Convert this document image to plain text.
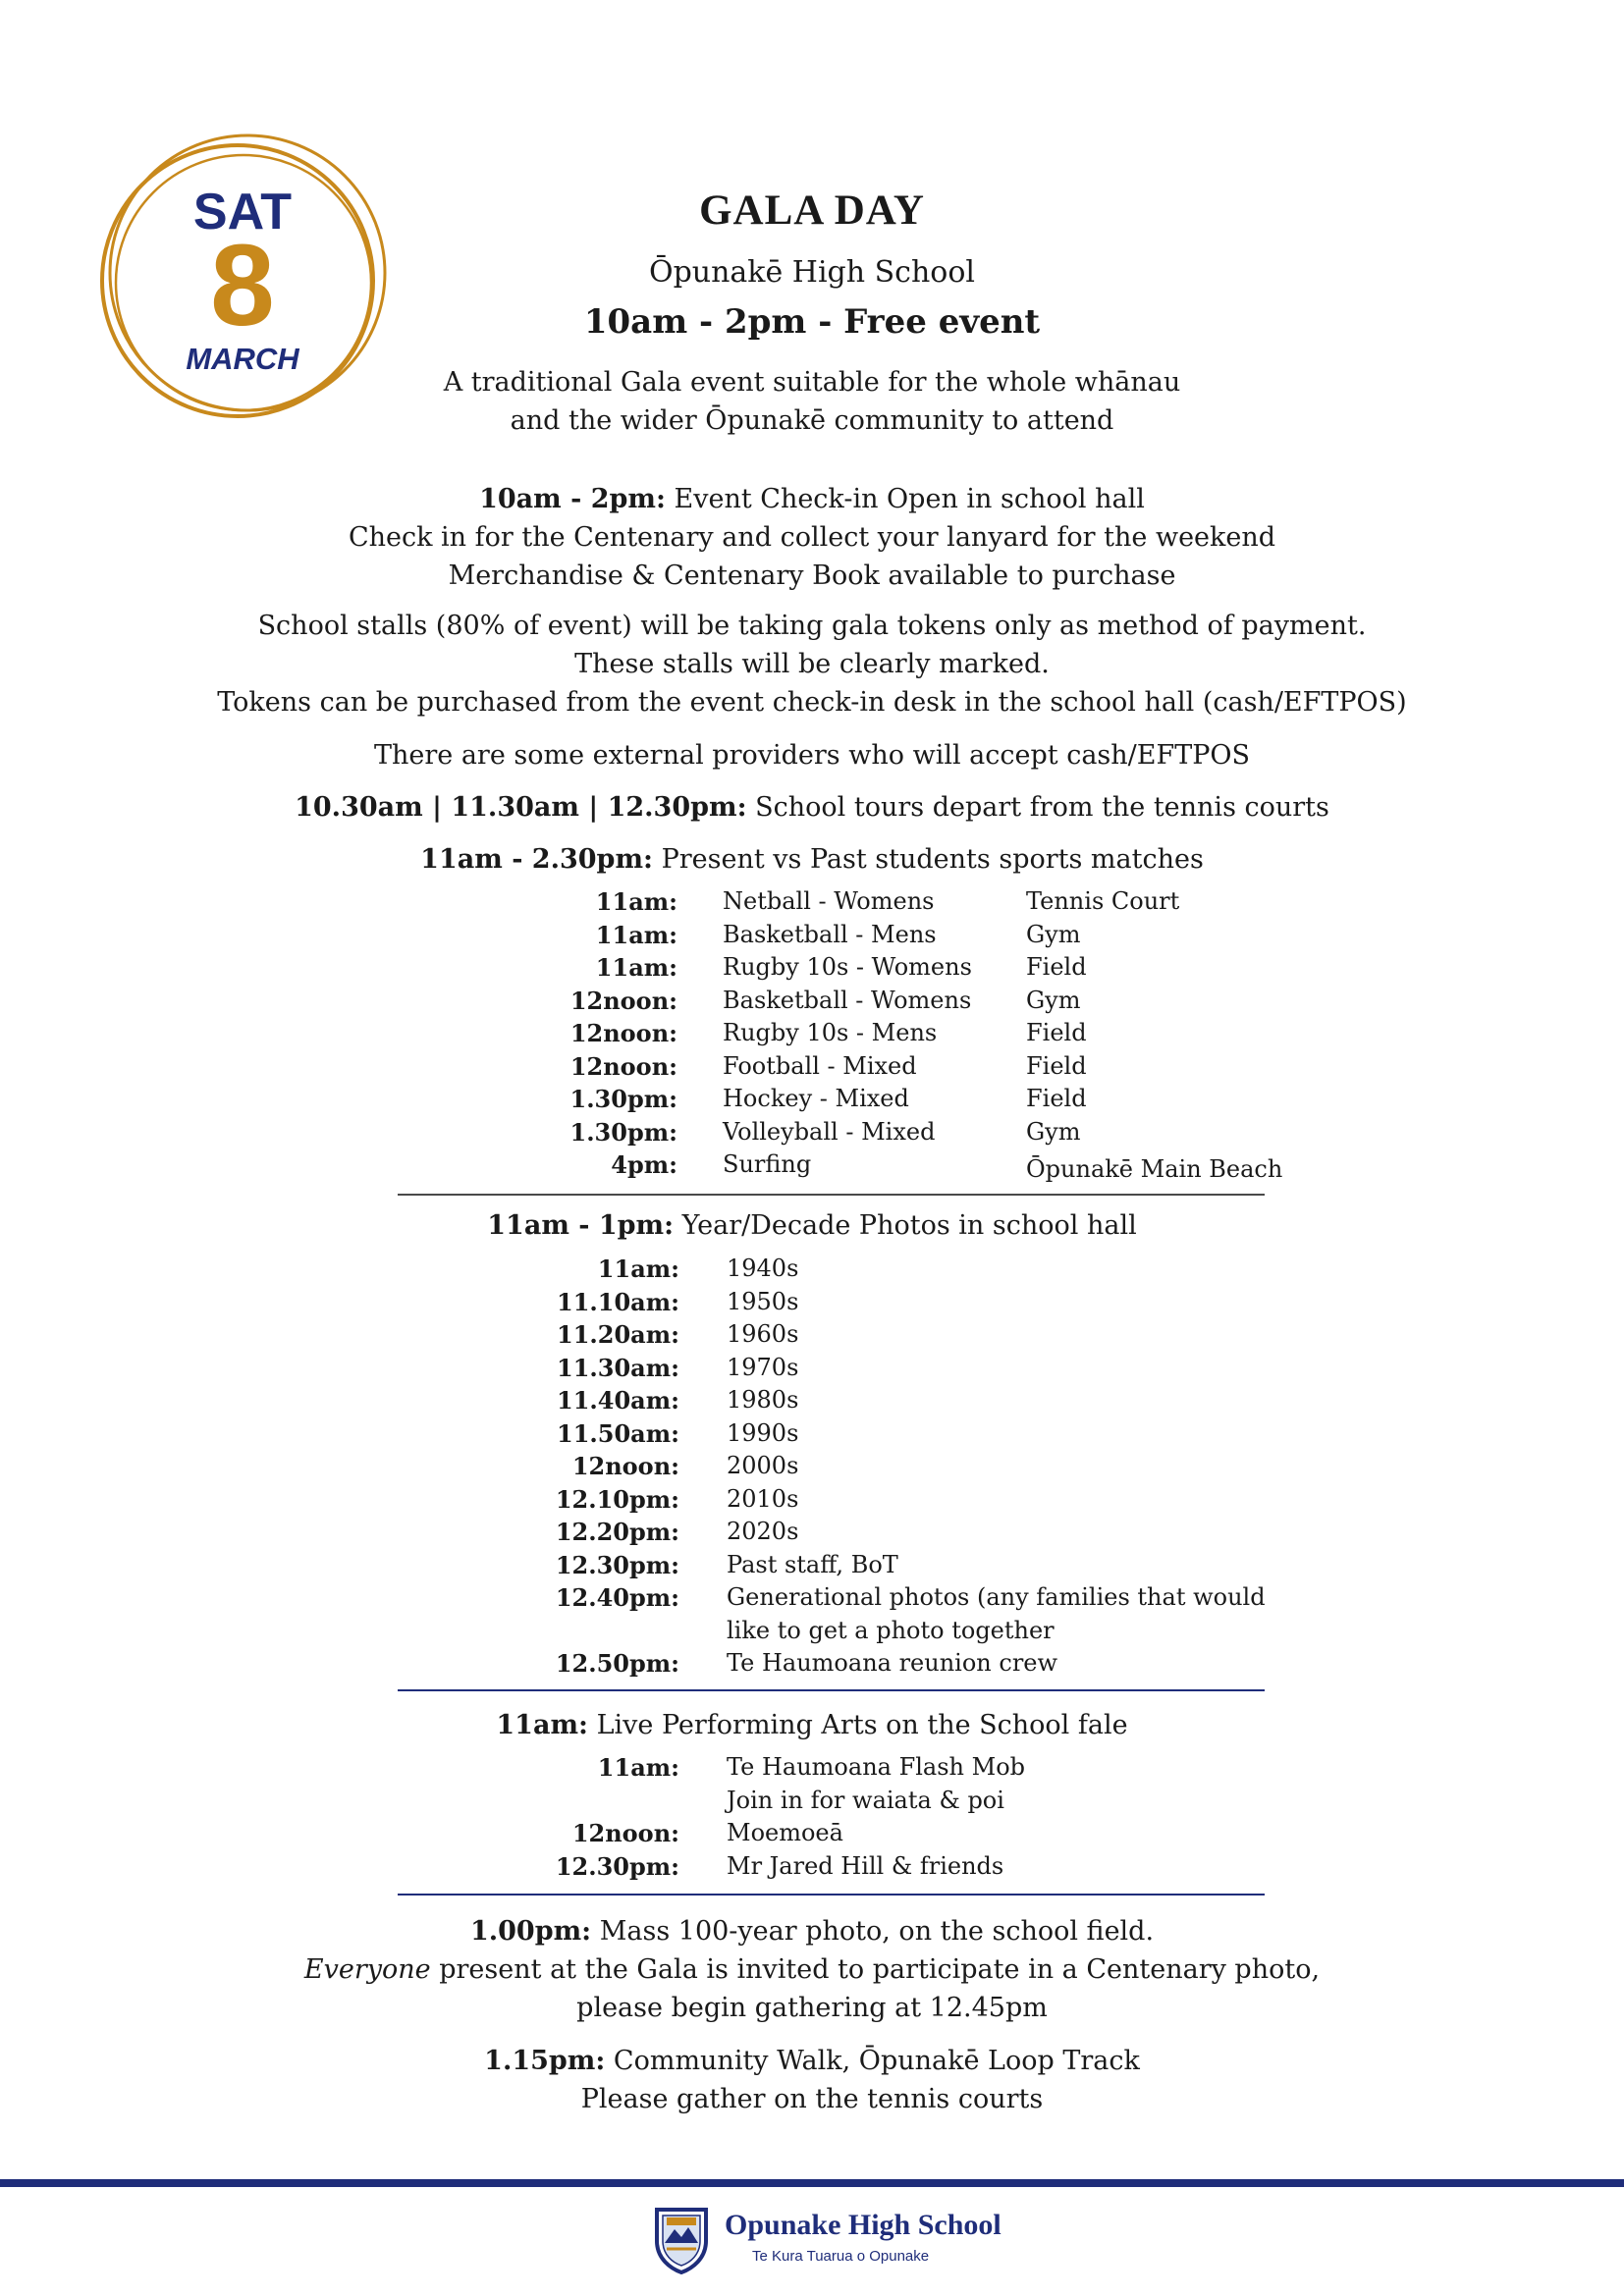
SAT
8
MARCH
GALA DAY
Ōpunakē High School
10am - 2pm - Free event
A traditional Gala event suitable for the whole whānau
and the wider Ōpunakē community to attend
10am - 2pm: Event Check-in Open in school hall
Check in for the Centenary and collect your lanyard for the weekend
Merchandise & Centenary Book available to purchase
School stalls (80% of event) will be taking gala tokens only as method of payment.
These stalls will be clearly marked.
Tokens can be purchased from the event check-in desk in the school hall (cash/EFTPOS)
There are some external providers who will accept cash/EFTPOS
10.30am | 11.30am | 12.30pm: School tours depart from the tennis courts
11am - 2.30pm: Present vs Past students sports matches
11am: Netball - Womens	Tennis Court
11am: Basketball - Mens	Gym
11am: Rugby 10s - Womens	Field
12noon: Basketball - Womens	Gym
12noon: Rugby 10s - Mens	Field
12noon: Football - Mixed	Field
1.30pm: Hockey - Mixed	Field
1.30pm: Volleyball - Mixed	Gym
4pm: Surfing	Ōpunakē Main Beach
11am - 1pm: Year/Decade Photos in school hall
11am: 1940s
11.10am: 1950s
11.20am: 1960s
11.30am: 1970s
11.40am: 1980s
11.50am: 1990s
12noon: 2000s
12.10pm: 2010s
12.20pm: 2020s
12.30pm: Past staff, BoT
12.40pm: Generational photos (any families that would
like to get a photo together
12.50pm: Te Haumoana reunion crew
11am: Live Performing Arts on the School fale
11am: Te Haumoana Flash Mob
Join in for waiata & poi
12noon: Moemoeā
12.30pm: Mr Jared Hill & friends
1.00pm: Mass 100-year photo, on the school field.
Everyone present at the Gala is invited to participate in a Centenary photo,
please begin gathering at 12.45pm
1.15pm: Community Walk, Ōpunakē Loop Track
Please gather on the tennis courts
Opunake High School
Te Kura Tuarua o Opunake
